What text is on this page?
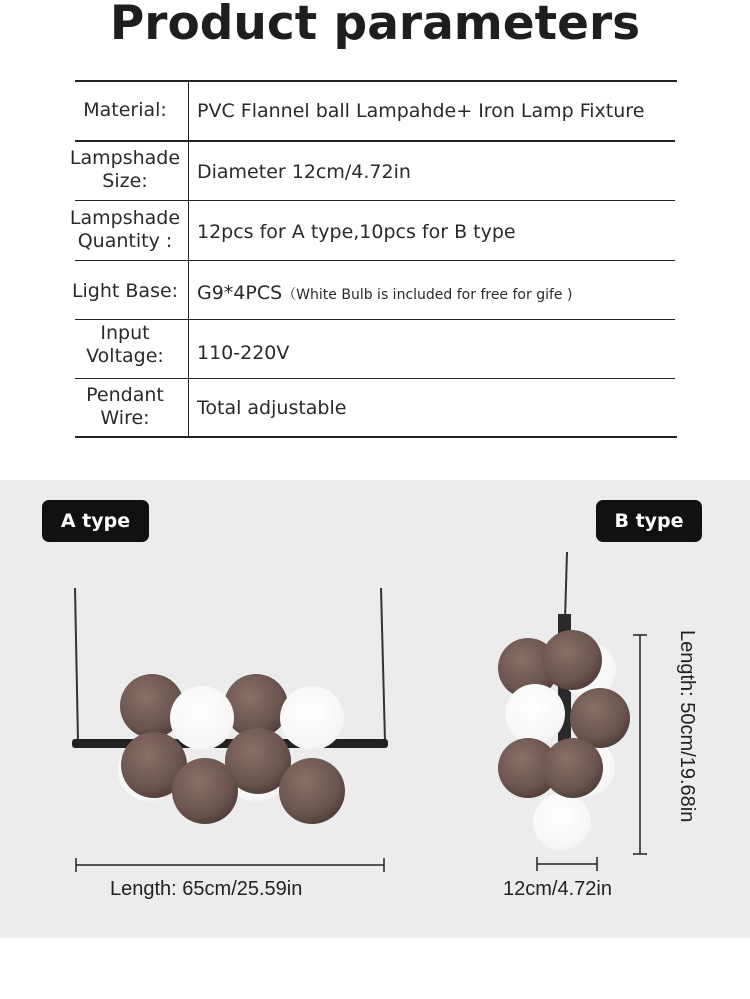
Product parameters
Material:	PVC Flannel ball Lampahde+ Iron Lamp Fixture
Lampshade Size:	Diameter 12cm/4.72in
Lampshade Quantity :	12pcs for A type,10pcs for B type
Light Base: G9*4PCS（White Bulb is included for free for gife )
Input Voltage:	110-220V
Pendant Wire:	Total adjustable
A type	B type
Length: 65cm/25.59in	12cm/4.72in
Length: 50cm/19.68in
